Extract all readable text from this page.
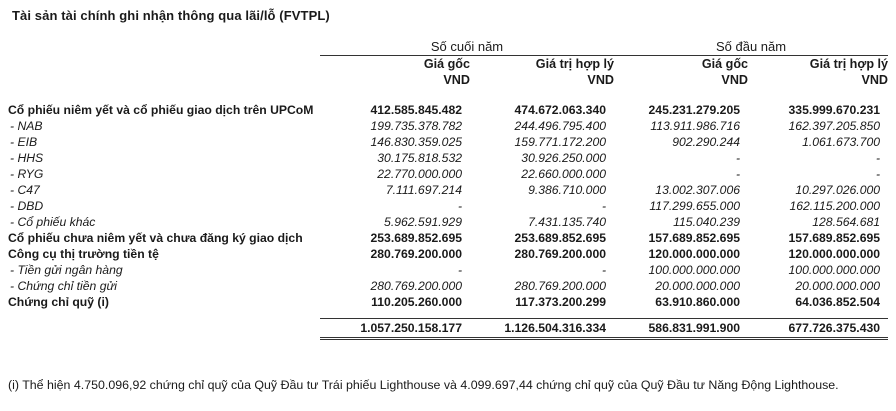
Tài sản tài chính ghi nhận thông qua lãi/lỗ (FVTPL)
	Số cuối năm		Số đầu năm	
	Giá gốc	Giá trị hợp lý	Giá gốc	Giá trị hợp lý
	VND	VND	VND	VND

Cổ phiếu niêm yết và cổ phiếu giao dịch trên UPCoM	412.585.845.482	474.672.063.340	245.231.279.205	335.999.670.231
- NAB	199.735.378.782	244.496.795.400	113.911.986.716	162.397.205.850
- EIB	146.830.359.025	159.771.172.200	902.290.244	1.061.673.700
- HHS	30.175.818.532	30.926.250.000	-	-
- RYG	22.770.000.000	22.660.000.000	-	-
- C47	7.111.697.214	9.386.710.000	13.002.307.006	10.297.026.000
- DBD	-	-	117.299.655.000	162.115.200.000
- Cổ phiếu khác	5.962.591.929	7.431.135.740	115.040.239	128.564.681
Cổ phiếu chưa niêm yết và chưa đăng ký giao dịch	253.689.852.695	253.689.852.695	157.689.852.695	157.689.852.695
Công cụ thị trường tiền tệ	280.769.200.000	280.769.200.000	120.000.000.000	120.000.000.000
- Tiền gửi ngân hàng	-	-	100.000.000.000	100.000.000.000
- Chứng chỉ tiền gửi	280.769.200.000	280.769.200.000	20.000.000.000	20.000.000.000
Chứng chỉ quỹ (i)	110.205.260.000	117.373.200.299	63.910.860.000	64.036.852.504

	1.057.250.158.177	1.126.504.316.334	586.831.991.900	677.726.375.430
(i) Thể hiện 4.750.096,92 chứng chỉ quỹ của Quỹ Đầu tư Trái phiếu Lighthouse và 4.099.697,44 chứng chỉ quỹ của Quỹ Đầu tư Năng Động Lighthouse.
